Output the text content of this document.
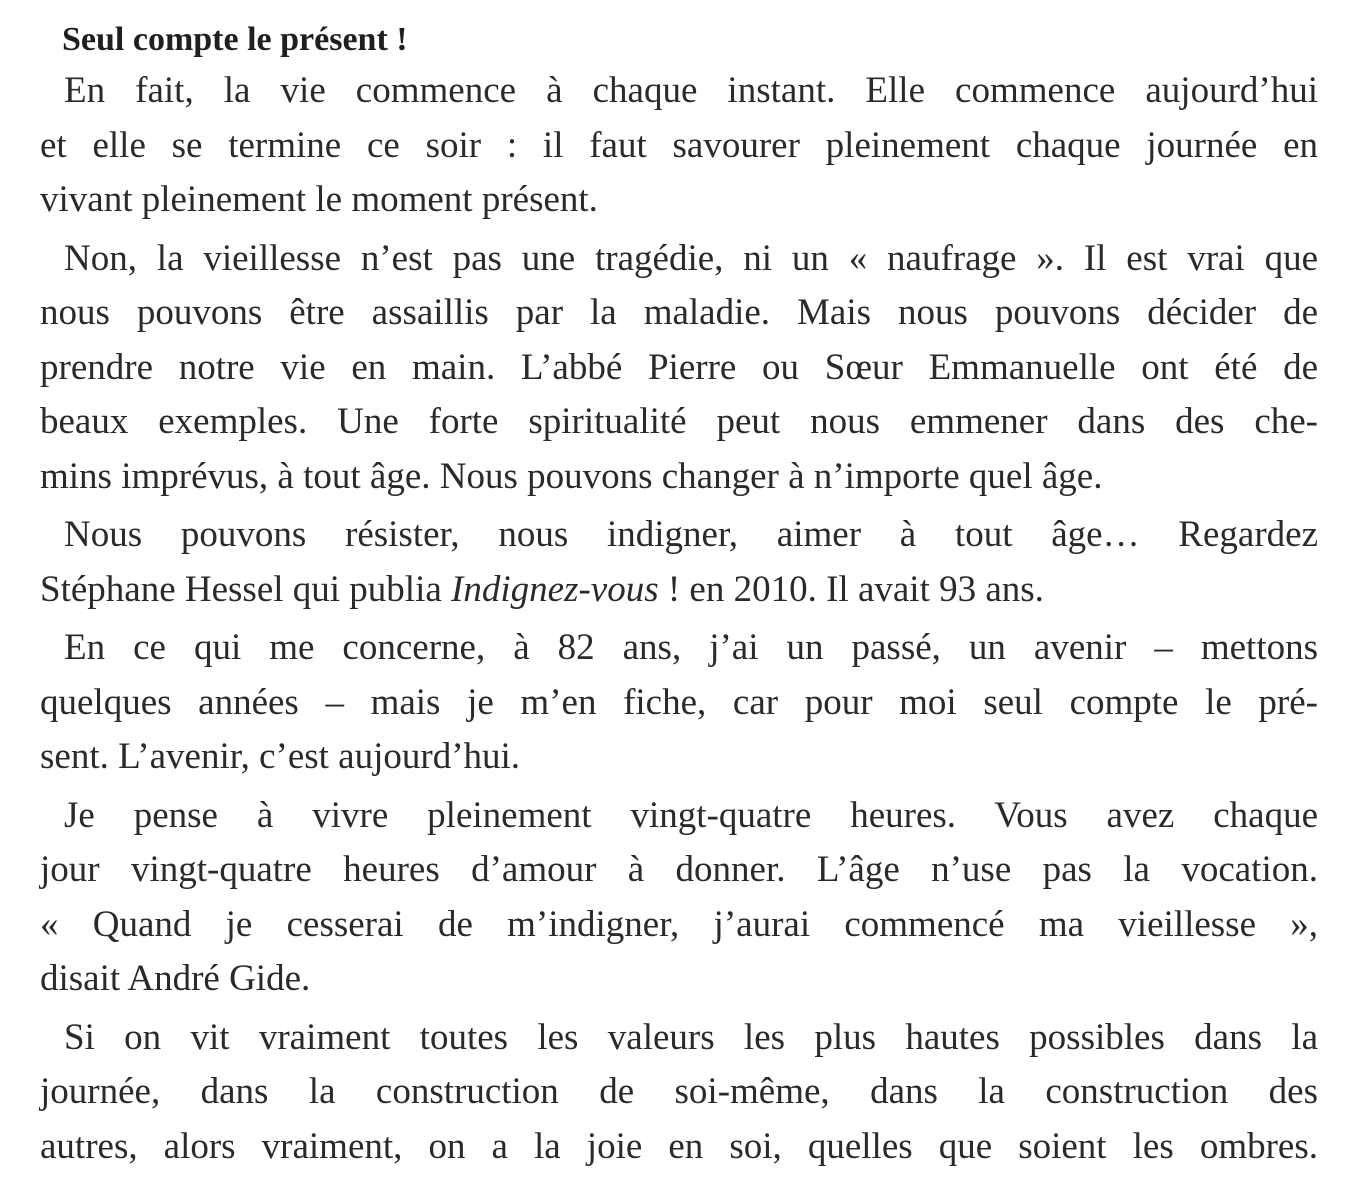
Seul compte le présent !

En fait, la vie commence à chaque instant. Elle commence aujourd’hui
et elle se termine ce soir : il faut savourer pleinement chaque journée en
vivant pleinement le moment présent.

Non, la vieillesse n’est pas une tragédie, ni un « naufrage ». Il est vrai que
nous pouvons être assaillis par la maladie. Mais nous pouvons décider de
prendre notre vie en main. L’abbé Pierre ou Sœur Emmanuelle ont été de
beaux exemples. Une forte spiritualité peut nous emmener dans des che-
mins imprévus, à tout âge. Nous pouvons changer à n’importe quel âge.

Nous pouvons résister, nous indigner, aimer à tout âge… Regardez
Stéphane Hessel qui publia Indignez-vous ! en 2010. Il avait 93 ans.

En ce qui me concerne, à 82 ans, j’ai un passé, un avenir – mettons
quelques années – mais je m’en fiche, car pour moi seul compte le pré-
sent. L’avenir, c’est aujourd’hui.

Je pense à vivre pleinement vingt-quatre heures. Vous avez chaque
jour vingt-quatre heures d’amour à donner. L’âge n’use pas la vocation.
« Quand je cesserai de m’indigner, j’aurai commencé ma vieillesse »,
disait André Gide.

Si on vit vraiment toutes les valeurs les plus hautes possibles dans la
journée, dans la construction de soi-même, dans la construction des
autres, alors vraiment, on a la joie en soi, quelles que soient les ombres.
